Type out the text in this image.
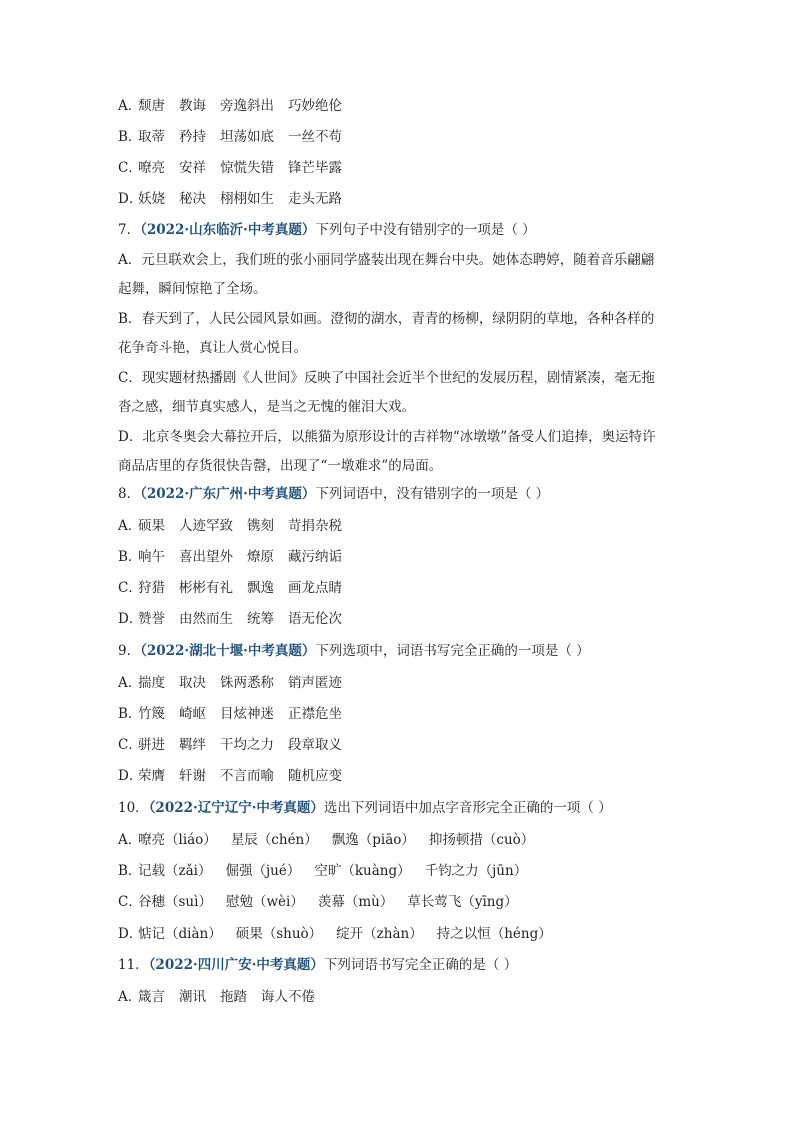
A．颓唐 教诲 旁逸斜出 巧妙绝伦
B．取蒂 矜持 坦荡如底 一丝不苟
C．嘹亮 安祥 惊慌失错 锋芒毕露
D．妖娆 秘决 栩栩如生 走头无路
7．（2022·山东临沂·中考真题）下列句子中没有错别字的一项是（ ）
A．元旦联欢会上，我们班的张小丽同学盛装出现在舞台中央。她体态聘婷，随着音乐翩翩起舞，瞬间惊艳了全场。
B．春天到了，人民公园风景如画。澄彻的湖水，青青的杨柳，绿阴阴的草地，各种各样的花争奇斗艳，真让人赏心悦目。
C．现实题材热播剧《人世间》反映了中国社会近半个世纪的发展历程，剧情紧凑，毫无拖沓之感，细节真实感人，是当之无愧的催泪大戏。
D．北京冬奥会大幕拉开后，以熊猫为原形设计的吉祥物“冰墩墩”备受人们追捧，奥运特许商品店里的存货很快告罄，出现了“一墩难求”的局面。
8．（2022·广东广州·中考真题）下列词语中，没有错别字的一项是（ ）
A．硕果 人迹罕致 镌刻 苛捐杂税
B．响午 喜出望外 燎原 藏污纳诟
C．狩猎 彬彬有礼 飘逸 画龙点睛
D．赞誉 由然而生 统筹 语无伦次
9．（2022·湖北十堰·中考真题）下列选项中，词语书写完全正确的一项是（ ）
A．揣度 取决 铢两悉称 销声匿迹
B．竹篾 崎岖 目炫神迷 正襟危坐
C．骈进 羁绊 干均之力 段章取义
D．荣膺 轩谢 不言而喻 随机应变
10．（2022·辽宁辽宁·中考真题）选出下列词语中加点字音形完全正确的一项（ ）
A．嘹亮（liáo） 星辰（chén） 飘逸（piāo） 抑扬顿措（cuò）
B．记载（zǎi） 倔强（jué） 空旷（kuàng） 千钧之力（jūn）
C．谷穗（suì） 慰勉（wèi） 羡幕（mù） 草长莺飞（yīng）
D．惦记（diàn） 硕果（shuò） 绽开（zhàn） 持之以恒（héng）
11．（2022·四川广安·中考真题）下列词语书写完全正确的是（ ）
A．箴言 潮讯 拖踏 诲人不倦
